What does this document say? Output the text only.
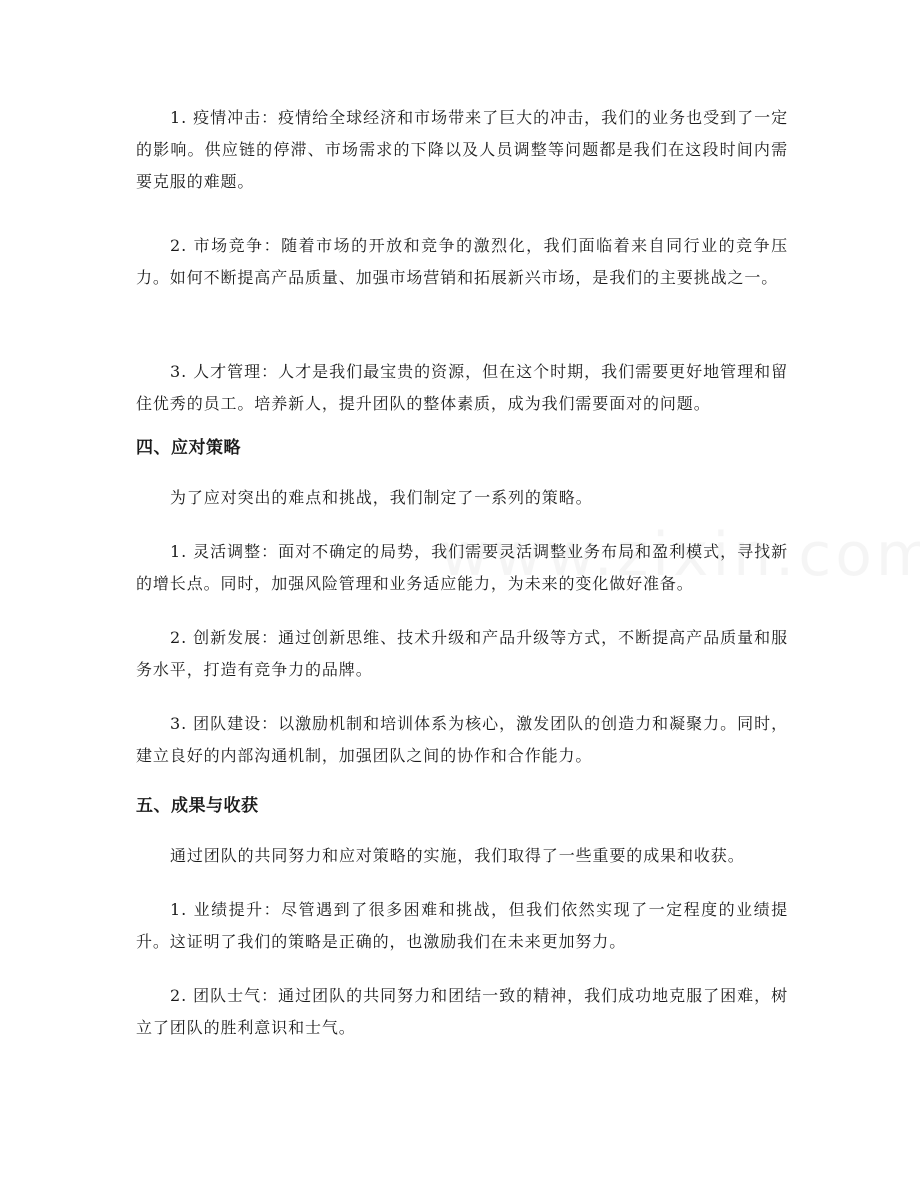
1. 疫情冲击：疫情给全球经济和市场带来了巨大的冲击，我们的业务也受到了一定的影响。供应链的停滞、市场需求的下降以及人员调整等问题都是我们在这段时间内需要克服的难题。

2. 市场竞争：随着市场的开放和竞争的激烈化，我们面临着来自同行业的竞争压力。如何不断提高产品质量、加强市场营销和拓展新兴市场，是我们的主要挑战之一。

3. 人才管理：人才是我们最宝贵的资源，但在这个时期，我们需要更好地管理和留住优秀的员工。培养新人，提升团队的整体素质，成为我们需要面对的问题。

四、应对策略

为了应对突出的难点和挑战，我们制定了一系列的策略。

1. 灵活调整：面对不确定的局势，我们需要灵活调整业务布局和盈利模式，寻找新的增长点。同时，加强风险管理和业务适应能力，为未来的变化做好准备。

2. 创新发展：通过创新思维、技术升级和产品升级等方式，不断提高产品质量和服务水平，打造有竞争力的品牌。

3. 团队建设：以激励机制和培训体系为核心，激发团队的创造力和凝聚力。同时，建立良好的内部沟通机制，加强团队之间的协作和合作能力。

五、成果与收获

通过团队的共同努力和应对策略的实施，我们取得了一些重要的成果和收获。

1. 业绩提升：尽管遇到了很多困难和挑战，但我们依然实现了一定程度的业绩提升。这证明了我们的策略是正确的，也激励我们在未来更加努力。

2. 团队士气：通过团队的共同努力和团结一致的精神，我们成功地克服了困难，树立了团队的胜利意识和士气。
